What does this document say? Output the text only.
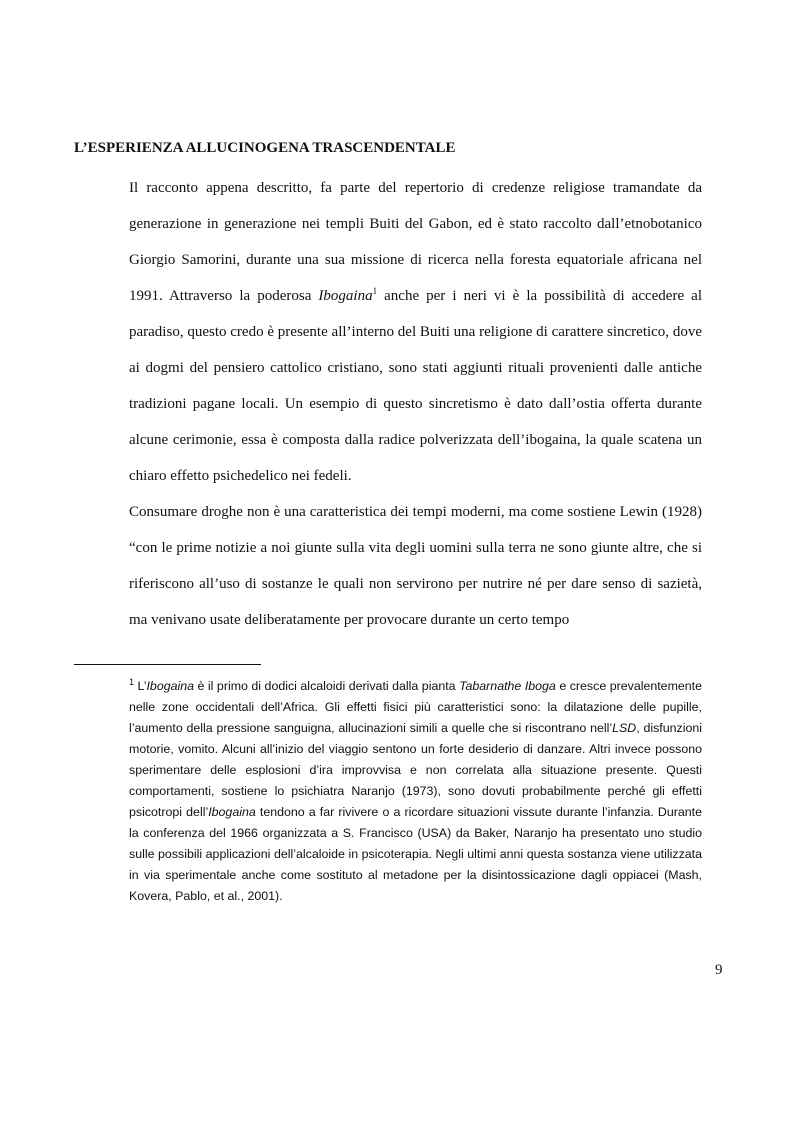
L’ESPERIENZA ALLUCINOGENA TRASCENDENTALE

Il racconto appena descritto, fa parte del repertorio di credenze religiose tramandate da generazione in generazione nei templi Buiti del Gabon, ed è stato raccolto dall’etnobotanico Giorgio Samorini, durante una sua missione di ricerca nella foresta equatoriale africana nel 1991. Attraverso la poderosa Ibogaina$^1$ anche per i neri vi è la possibilità di accedere al paradiso, questo credo è presente all’interno del Buiti una religione di carattere sincretico, dove ai dogmi del pensiero cattolico cristiano, sono stati aggiunti rituali provenienti dalle antiche tradizioni pagane locali. Un esempio di questo sincretismo è dato dall’ostia offerta durante alcune cerimonie, essa è composta dalla radice polverizzata dell’ibogaina, la quale scatena un chiaro effetto psichedelico nei fedeli.

Consumare droghe non è una caratteristica dei tempi moderni, ma come sostiene Lewin (1928) “con le prime notizie a noi giunte sulla vita degli uomini sulla terra ne sono giunte altre, che si riferiscono all’uso di sostanze le quali non servirono per nutrire né per dare senso di sazietà, ma venivano usate deliberatamente per provocare durante un certo tempo

$^1$ L’Ibogaina è il primo di dodici alcaloidi derivati dalla pianta Tabarnathe Iboga e cresce prevalentemente nelle zone occidentali dell’Africa. Gli effetti fisici più caratteristici sono: la dilatazione delle pupille, l’aumento della pressione sanguigna, allucinazioni simili a quelle che si riscontrano nell’LSD, disfunzioni motorie, vomito. Alcuni all’inizio del viaggio sentono un forte desiderio di danzare. Altri invece possono sperimentare delle esplosioni d’ira improvvisa e non correlata alla situazione presente. Questi comportamenti, sostiene lo psichiatra Naranjo (1973), sono dovuti probabilmente perché gli effetti psicotropi dell’Ibogaina tendono a far rivivere o a ricordare situazioni vissute durante l’infanzia. Durante la conferenza del 1966 organizzata a S. Francisco (USA) da Baker, Naranjo ha presentato uno studio sulle possibili applicazioni dell’alcaloide in psicoterapia. Negli ultimi anni questa sostanza viene utilizzata in via sperimentale anche come sostituto al metadone per la disintossicazione dagli oppiacei (Mash, Kovera, Pablo, et al., 2001).

9
